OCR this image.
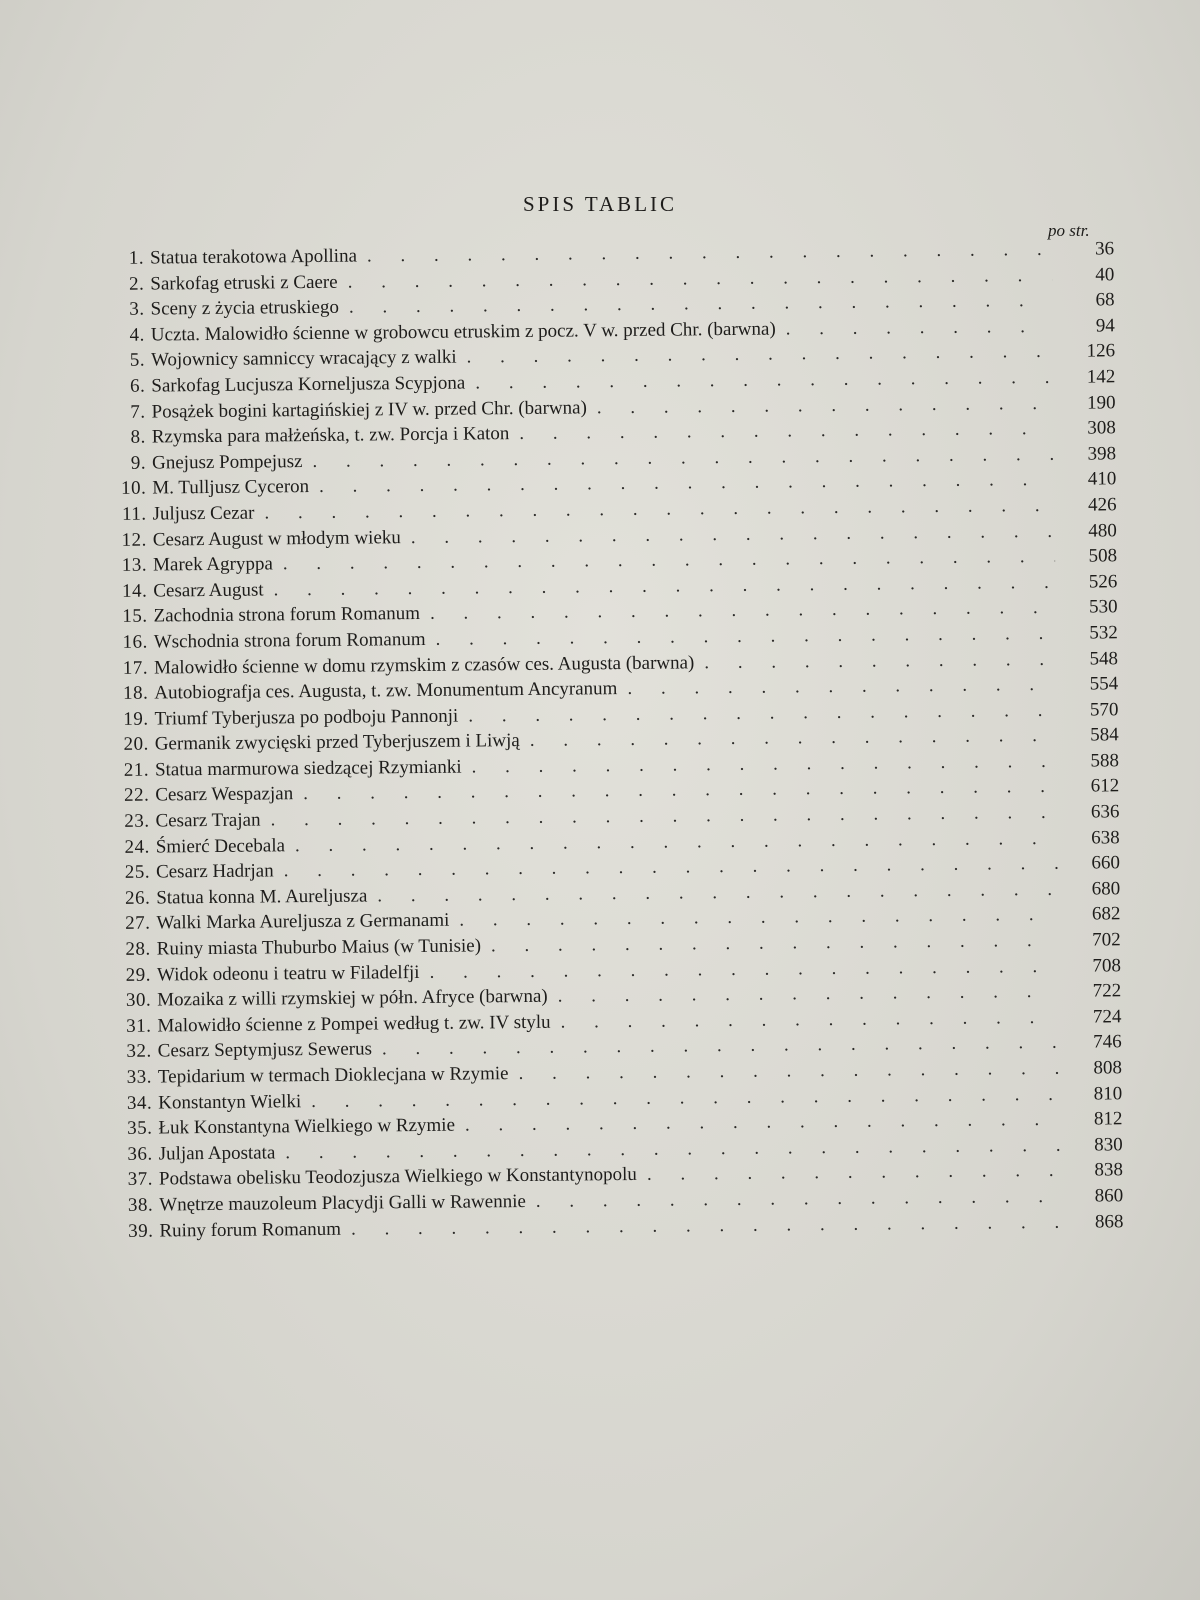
SPIS TABLIC
po str.
1. Statua terakotowa Apollina . . .	36
2. Sarkofag etruski z Caere . . .	40
3. Sceny z życia etruskiego . . .	68
4. Uczta. Malowidło ścienne w grobowcu etruskim z pocz. V w. przed Chr. (barwna) . . .	94
5. Wojownicy samniccy wracający z walki . . .	126
6. Sarkofag Lucjusza Korneljusza Scypjona . . .	142
7. Posążek bogini kartagińskiej z IV w. przed Chr. (barwna) . . .	190
8. Rzymska para małżeńska, t. zw. Porcja i Katon . . .	308
9. Gnejusz Pompejusz . . .	398
10. M. Tulljusz Cyceron . . .	410
11. Juljusz Cezar . . .	426
12. Cesarz August w młodym wieku . . .	480
13. Marek Agryppa . . .	508
14. Cesarz August . . .	526
15. Zachodnia strona forum Romanum . . .	530
16. Wschodnia strona forum Romanum . . .	532
17. Malowidło ścienne w domu rzymskim z czasów ces. Augusta (barwna) . . .	548
18. Autobiografja ces. Augusta, t. zw. Monumentum Ancyranum . . .	554
19. Triumf Tyberjusza po podboju Pannonji . . .	570
20. Germanik zwycięski przed Tyberjuszem i Liwją . . .	584
21. Statua marmurowa siedzącej Rzymianki . . .	588
22. Cesarz Wespazjan . . .	612
23. Cesarz Trajan . . .	636
24. Śmierć Decebala . . .	638
25. Cesarz Hadrjan . . .	660
26. Statua konna M. Aureljusza . . .	680
27. Walki Marka Aureljusza z Germanami . . .	682
28. Ruiny miasta Thuburbo Maius (w Tunisie) . . .	702
29. Widok odeonu i teatru w Filadelfji . . .	708
30. Mozaika z willi rzymskiej w półn. Afryce (barwna) . . .	722
31. Malowidło ścienne z Pompei według t. zw. IV stylu . . .	724
32. Cesarz Septymjusz Sewerus . . .	746
33. Tepidarium w termach Dioklecjana w Rzymie . . .	808
34. Konstantyn Wielki . . .	810
35. Łuk Konstantyna Wielkiego w Rzymie . . .	812
36. Juljan Apostata . . .	830
37. Podstawa obelisku Teodozjusza Wielkiego w Konstantynopolu . . .	838
38. Wnętrze mauzoleum Placydji Galli w Rawennie . . .	860
39. Ruiny forum Romanum . . .	868
